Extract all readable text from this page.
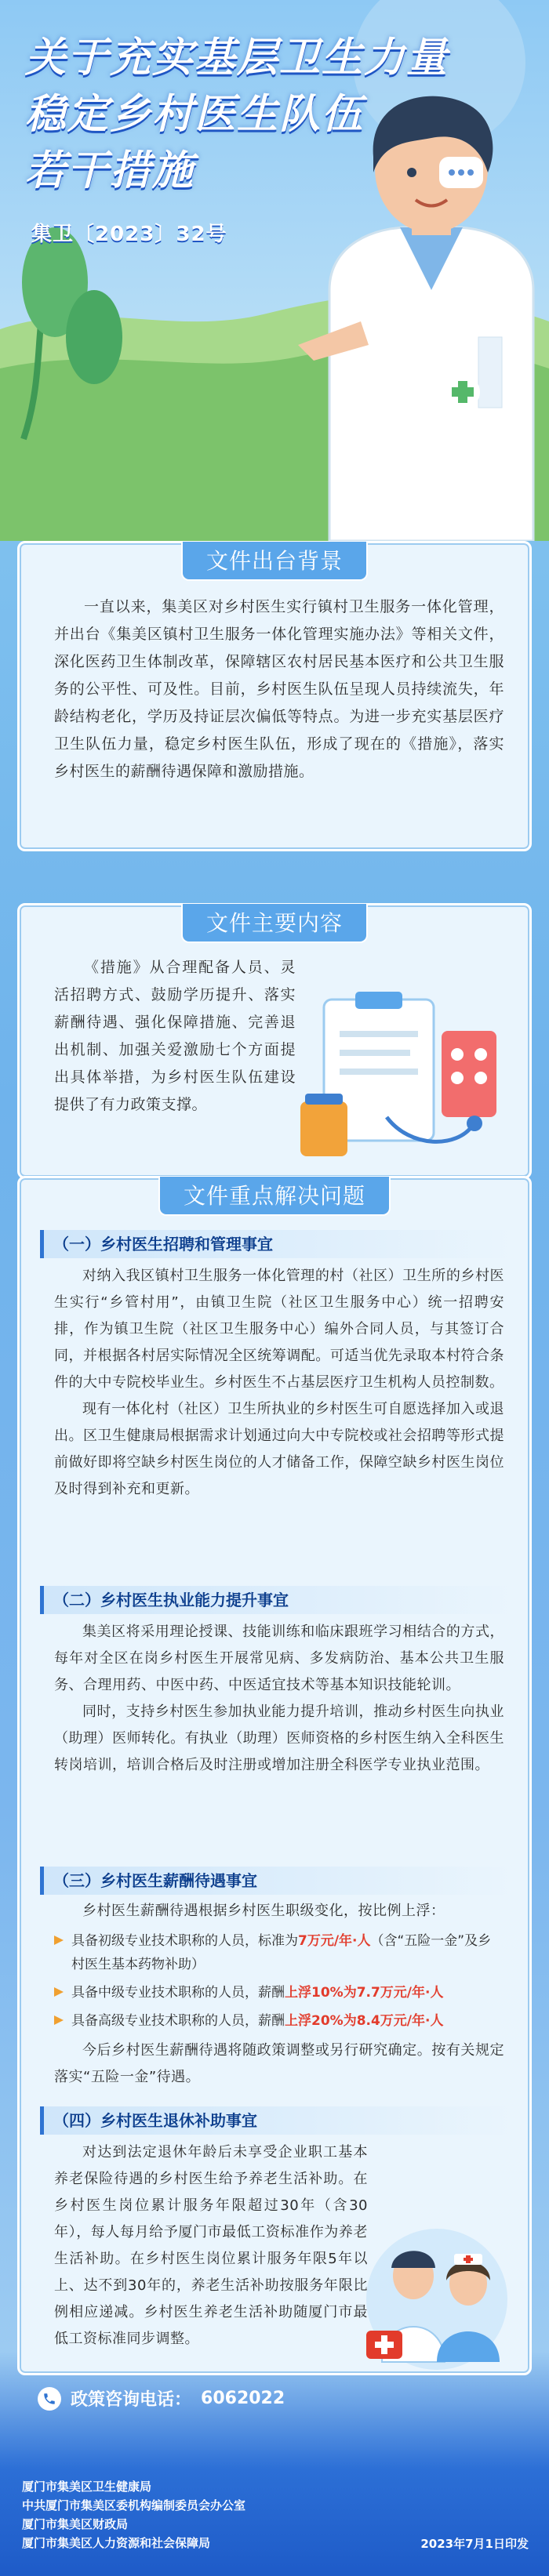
关于充实基层卫生力量
稳定乡村医生队伍
若干措施
集卫〔2023〕32号
文件出台背景

一直以来，集美区对乡村医生实行镇村卫生服务一体化管理，并出台《集美区镇村卫生服务一体化管理实施办法》等相关文件，深化医药卫生体制改革，保障辖区农村居民基本医疗和公共卫生服务的公平性、可及性。目前，乡村医生队伍呈现人员持续流失，年龄结构老化，学历及持证层次偏低等特点。为进一步充实基层医疗卫生队伍力量，稳定乡村医生队伍，形成了现在的《措施》，落实乡村医生的薪酬待遇保障和激励措施。

文件主要内容

《措施》从合理配备人员、灵活招聘方式、鼓励学历提升、落实薪酬待遇、强化保障措施、完善退出机制、加强关爱激励七个方面提出具体举措，为乡村医生队伍建设提供了有力政策支撑。

文件重点解决问题
（一）乡村医生招聘和管理事宜

对纳入我区镇村卫生服务一体化管理的村（社区）卫生所的乡村医生实行“乡管村用”，由镇卫生院（社区卫生服务中心）统一招聘安排，作为镇卫生院（社区卫生服务中心）编外合同人员，与其签订合同，并根据各村居实际情况全区统筹调配。可适当优先录取本村符合条件的大中专院校毕业生。乡村医生不占基层医疗卫生机构人员控制数。

现有一体化村（社区）卫生所执业的乡村医生可自愿选择加入或退出。区卫生健康局根据需求计划通过向大中专院校或社会招聘等形式提前做好即将空缺乡村医生岗位的人才储备工作，保障空缺乡村医生岗位及时得到补充和更新。

（二）乡村医生执业能力提升事宜

集美区将采用理论授课、技能训练和临床跟班学习相结合的方式，每年对全区在岗乡村医生开展常见病、多发病防治、基本公共卫生服务、合理用药、中医中药、中医适宜技术等基本知识技能轮训。

同时，支持乡村医生参加执业能力提升培训，推动乡村医生向执业（助理）医师转化。有执业（助理）医师资格的乡村医生纳入全科医生转岗培训，培训合格后及时注册或增加注册全科医学专业执业范围。

（三）乡村医生薪酬待遇事宜

乡村医生薪酬待遇根据乡村医生职级变化，按比例上浮：

具备初级专业技术职称的人员，标准为7万元/年·人（含“五险一金”及乡村医生基本药物补助）
具备中级专业技术职称的人员，薪酬上浮10%为7.7万元/年·人
具备高级专业技术职称的人员，薪酬上浮20%为8.4万元/年·人

今后乡村医生薪酬待遇将随政策调整或另行研究确定。按有关规定落实“五险一金”待遇。

（四）乡村医生退休补助事宜

对达到法定退休年龄后未享受企业职工基本养老保险待遇的乡村医生给予养老生活补助。在乡村医生岗位累计服务年限超过30年（含30年），每人每月给予厦门市最低工资标准作为养老生活补助。在乡村医生岗位累计服务年限5年以上、达不到30年的，养老生活补助按服务年限比例相应递减。乡村医生养老生活补助随厦门市最低工资标准同步调整。

政策咨询电话： 6062022
厦门市集美区卫生健康局
中共厦门市集美区委机构编制委员会办公室
厦门市集美区财政局
厦门市集美区人力资源和社会保障局	2023年7月1日印发
